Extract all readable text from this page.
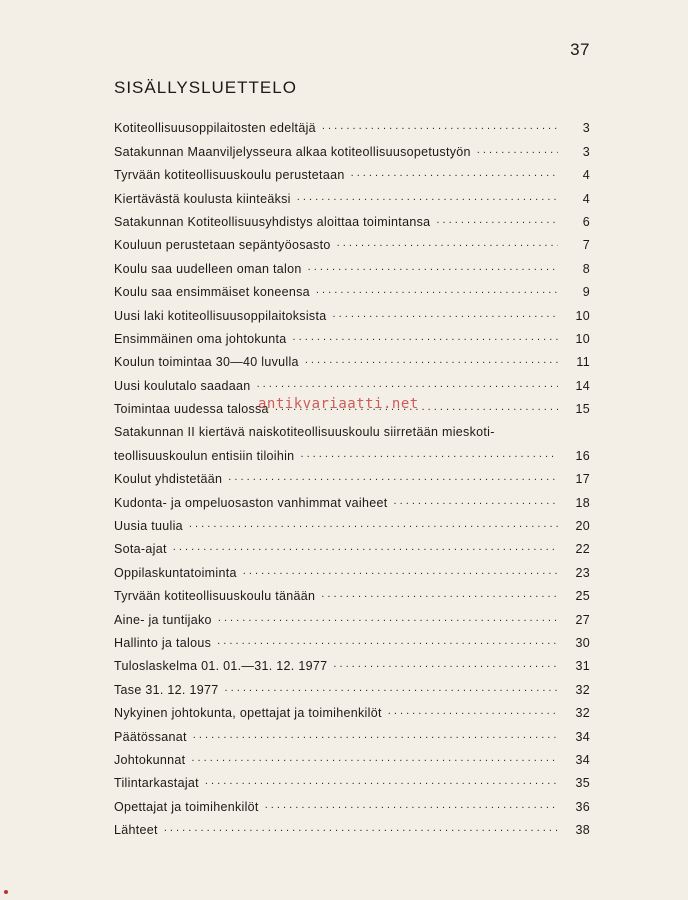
37
SISÄLLYSLUETTELO
Kotiteollisuusoppilaitosten edeltäjä . . .	3
Satakunnan Maanviljelysseura alkaa kotiteollisuusopetustyön . . .	3
Tyrvään kotiteollisuuskoulu perustetaan . . .	4
Kiertävästä koulusta kiinteäksi . . .	4
Satakunnan Kotiteollisuusyhdistys aloittaa toimintansa . . .	6
Kouluun perustetaan sepäntyöosasto . . .	7
Koulu saa uudelleen oman talon . . .	8
Koulu saa ensimmäiset koneensa . . .	9
Uusi laki kotiteollisuusoppilaitoksista . . .	10
Ensimmäinen oma johtokunta . . .	10
Koulun toimintaa 30—40 luvulla . . .	11
Uusi koulutalo saadaan . . .	14
Toimintaa uudessa talossa . . .	15
Satakunnan II kiertävä naiskotiteollisuuskoulu siirretään mieskoti-
teollisuuskoulun entisiin tiloihin . . .	16
Koulut yhdistetään . . .	17
Kudonta- ja ompeluosaston vanhimmat vaiheet . . .	18
Uusia tuulia . . .	20
Sota-ajat . . .	22
Oppilaskuntatoiminta . . .	23
Tyrvään kotiteollisuuskoulu tänään . . .	25
Aine- ja tuntijako . . .	27
Hallinto ja talous . . .	30
Tuloslaskelma 01. 01.—31. 12. 1977 . . .	31
Tase 31. 12. 1977 . . .	32
Nykyinen johtokunta, opettajat ja toimihenkilöt . . .	32
Päätössanat . . .	34
Johtokunnat . . .	34
Tilintarkastajat . . .	35
Opettajat ja toimihenkilöt . . .	36
Lähteet . . .	38
antikvariaatti.net
